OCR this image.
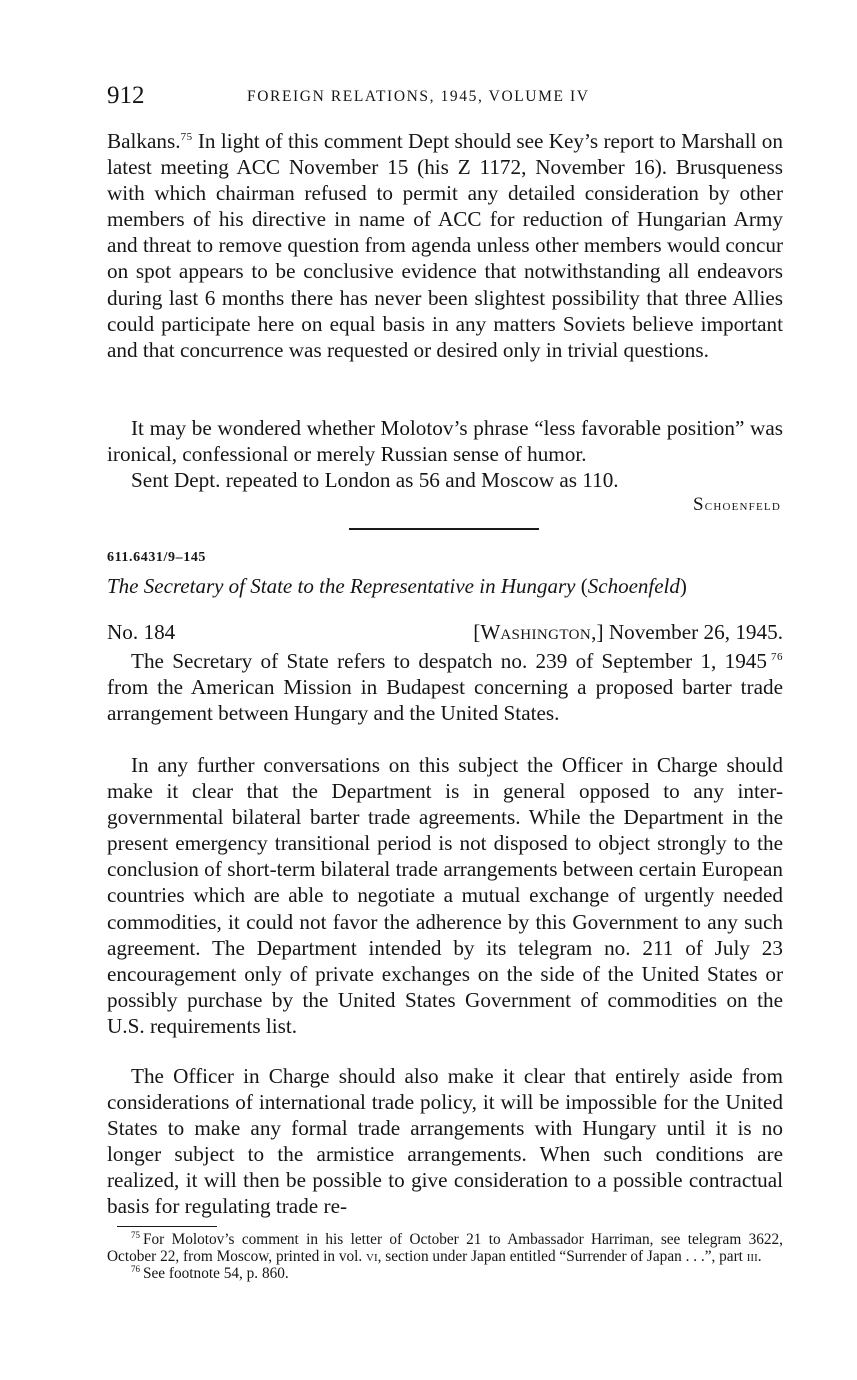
912	FOREIGN RELATIONS, 1945, VOLUME IV

Balkans.$^{75}$ In light of this comment Dept should see Key’s report to Marshall on latest meeting ACC November 15 (his Z 1172, November 16). Brusqueness with which chairman refused to permit any detailed consideration by other members of his directive in name of ACC for reduction of Hungarian Army and threat to remove question from agenda unless other members would concur on spot appears to be conclusive evidence that notwithstanding all endeavors during last 6 months there has never been slightest possibility that three Allies could participate here on equal basis in any matters Soviets believe important and that concurrence was requested or desired only in trivial questions.

It may be wondered whether Molotov’s phrase “less favorable position” was ironical, confessional or merely Russian sense of humor.

Sent Dept. repeated to London as 56 and Moscow as 110.

Schoenfeld
611.6431/9–145
The Secretary of State to the Representative in Hungary (Schoenfeld)
No. 184	[Washington,] November 26, 1945.

The Secretary of State refers to despatch no. 239 of September 1, 1945 $^{76}$ from the American Mission in Budapest concerning a proposed barter trade arrangement between Hungary and the United States.

In any further conversations on this subject the Officer in Charge should make it clear that the Department is in general opposed to any inter-governmental bilateral barter trade agreements. While the Department in the present emergency transitional period is not disposed to object strongly to the conclusion of short-term bilateral trade arrangements between certain European countries which are able to negotiate a mutual exchange of urgently needed commodities, it could not favor the adherence by this Government to any such agreement. The Department intended by its telegram no. 211 of July 23 encouragement only of private exchanges on the side of the United States or possibly purchase by the United States Government of commodities on the U.S. requirements list.

The Officer in Charge should also make it clear that entirely aside from considerations of international trade policy, it will be impossible for the United States to make any formal trade arrangements with Hungary until it is no longer subject to the armistice arrangements. When such conditions are realized, it will then be possible to give consideration to a possible contractual basis for regulating trade re-

$^{75}$ For Molotov’s comment in his letter of October 21 to Ambassador Harriman, see telegram 3622, October 22, from Moscow, printed in vol. vi, section under Japan entitled “Surrender of Japan . . .”, part iii.

$^{76}$ See footnote 54, p. 860.
